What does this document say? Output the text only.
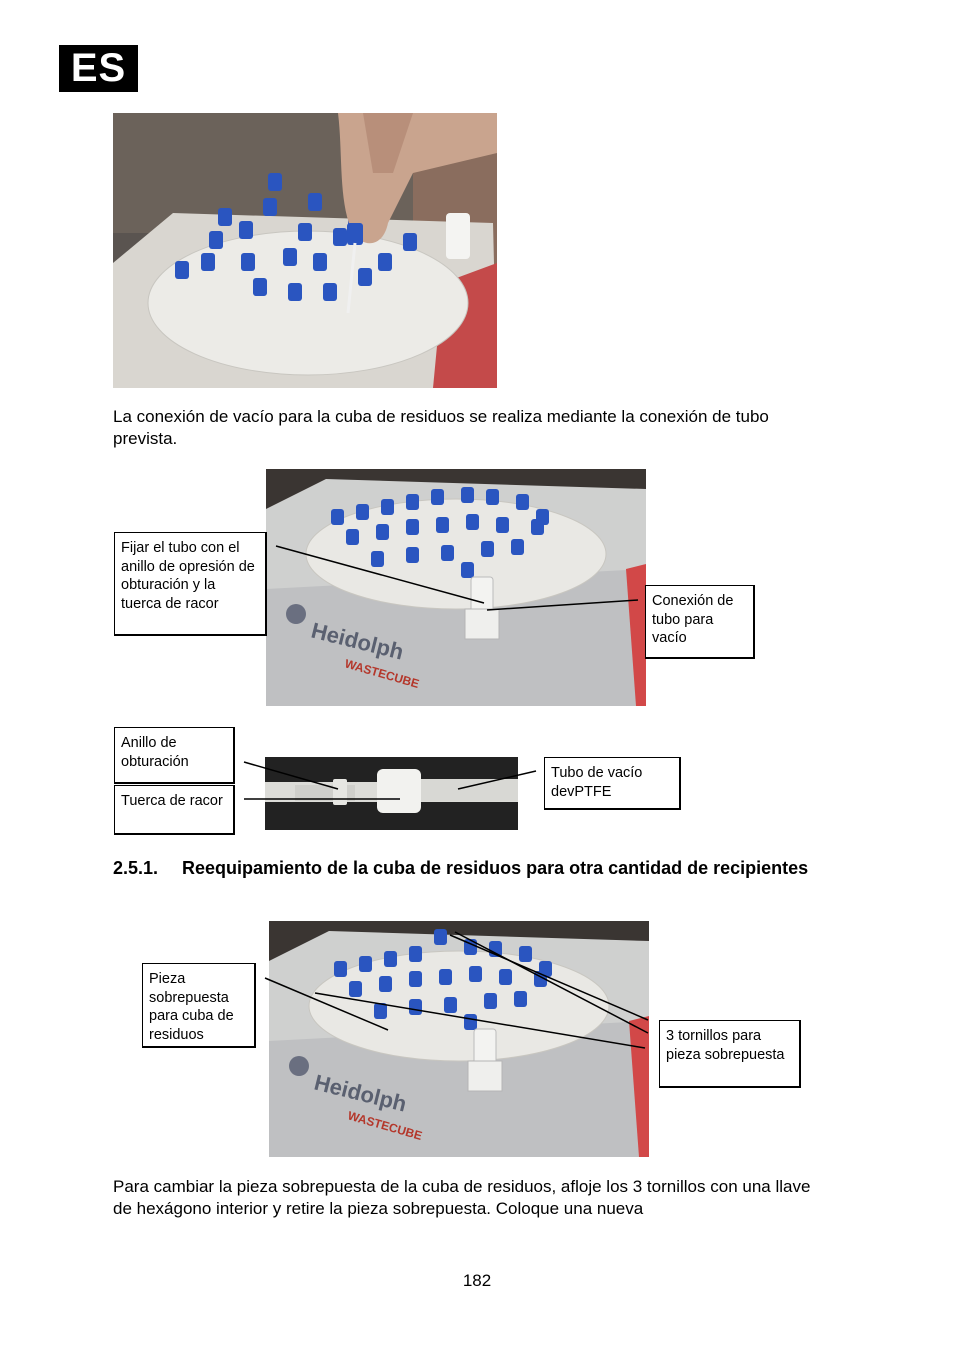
ES
La conexión de vacío para la cuba de residuos se realiza mediante la conexión de tubo prevista.
Heidolph
WASTECUBE
Fijar el tubo con el anillo de opresión de obturación y la tuerca de racor	Conexión de tubo para vacío
Anillo de obturación
Tuerca de racor
Tubo de vacío devPTFE
2.5.1. Reequipamiento de la cuba de residuos para otra cantidad de recipientes
Heidolph
WASTECUBE
Pieza sobrepuesta para cuba de residuos	3 tornillos para pieza sobrepuesta
Para cambiar la pieza sobrepuesta de la cuba de residuos, afloje los 3 tornillos con una llave de hexágono interior y retire la pieza sobrepuesta. Coloque una nueva
182
